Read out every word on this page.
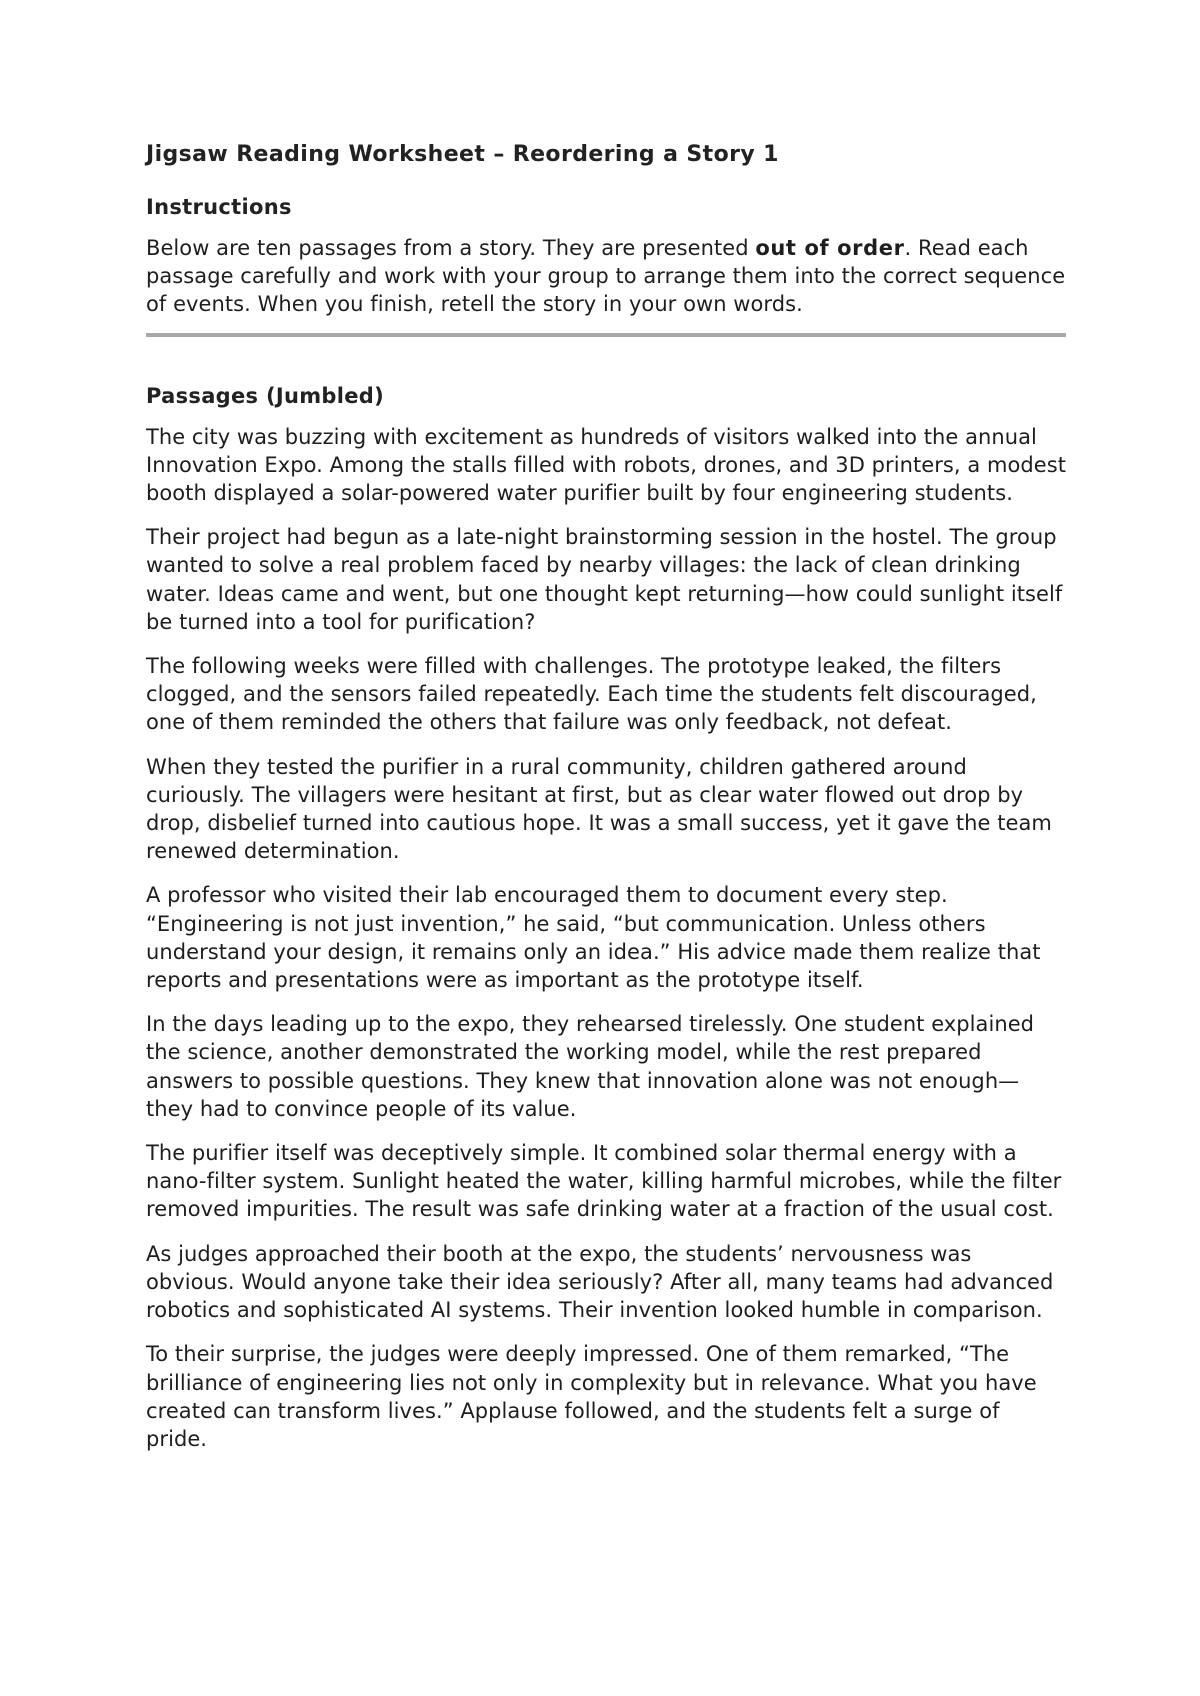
Jigsaw Reading Worksheet – Reordering a Story 1
Instructions

Below are ten passages from a story. They are presented out of order. Read each passage carefully and work with your group to arrange them into the correct sequence of events. When you finish, retell the story in your own words.

Passages (Jumbled)

The city was buzzing with excitement as hundreds of visitors walked into the annual Innovation Expo. Among the stalls filled with robots, drones, and 3D printers, a modest booth displayed a solar-powered water purifier built by four engineering students.

Their project had begun as a late-night brainstorming session in the hostel. The group wanted to solve a real problem faced by nearby villages: the lack of clean drinking water. Ideas came and went, but one thought kept returning—how could sunlight itself be turned into a tool for purification?

The following weeks were filled with challenges. The prototype leaked, the filters clogged, and the sensors failed repeatedly. Each time the students felt discouraged, one of them reminded the others that failure was only feedback, not defeat.

When they tested the purifier in a rural community, children gathered around curiously. The villagers were hesitant at first, but as clear water flowed out drop by drop, disbelief turned into cautious hope. It was a small success, yet it gave the team renewed determination.

A professor who visited their lab encouraged them to document every step. “Engineering is not just invention,” he said, “but communication. Unless others understand your design, it remains only an idea.” His advice made them realize that reports and presentations were as important as the prototype itself.

In the days leading up to the expo, they rehearsed tirelessly. One student explained the science, another demonstrated the working model, while the rest prepared answers to possible questions. They knew that innovation alone was not enough—they had to convince people of its value.

The purifier itself was deceptively simple. It combined solar thermal energy with a nano-filter system. Sunlight heated the water, killing harmful microbes, while the filter removed impurities. The result was safe drinking water at a fraction of the usual cost.

As judges approached their booth at the expo, the students’ nervousness was obvious. Would anyone take their idea seriously? After all, many teams had advanced robotics and sophisticated AI systems. Their invention looked humble in comparison.

To their surprise, the judges were deeply impressed. One of them remarked, “The brilliance of engineering lies not only in complexity but in relevance. What you have created can transform lives.” Applause followed, and the students felt a surge of pride.
